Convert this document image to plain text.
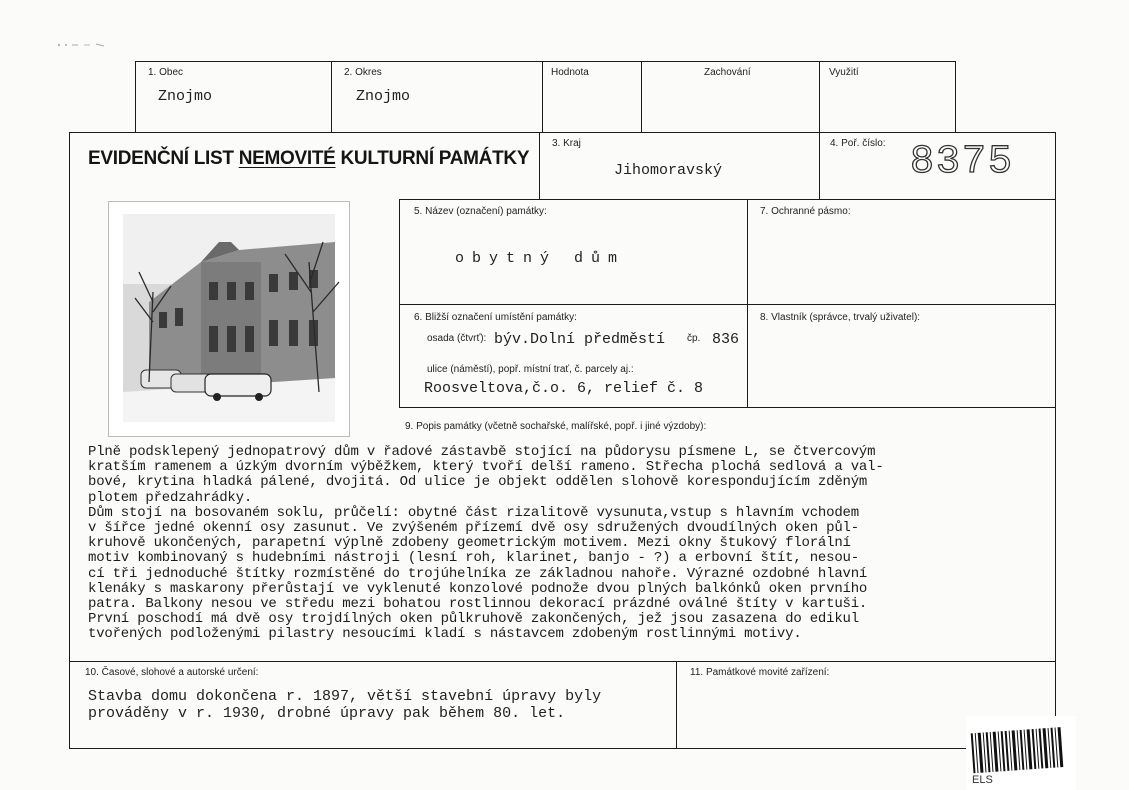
1. Obec
Znojmo
2. Okres
Znojmo
Hodnota	Zachování	Využití
EVIDENČNÍ LIST NEMOVITÉ KULTURNÍ PAMÁTKY
3. Kraj
Jihomoravský
4. Poř. číslo: 8375
5. Název (označení) památky:
obytný dům
7. Ochranné pásmo:
6. Bližší označení umístění památky:
osada (čtvrť): býv.Dolní předměstí čp. 836
ulice (náměstí), popř. místní trať, č. parcely aj.:
Roosveltova,č.o. 6, relief č. 8
8. Vlastník (správce, trvalý uživatel):
9. Popis památky (včetně sochařské, malířské, popř. i jiné výzdoby):
Plně podsklepený jednopatrový dům v řadové zástavbě stojící na půdorysu písmene L, se čtvercovým
kratším ramenem a úzkým dvorním výběžkem, který tvoří delší rameno. Střecha plochá sedlová a val-
bové, krytina hladká pálené, dvojitá. Od ulice je objekt oddělen slohově korespondujícím zděným
plotem předzahrádky.
Dům stojí na bosovaném soklu, průčelí: obytné část rizalitově vysunuta,vstup s hlavním vchodem
v šířce jedné okenní osy zasunut. Ve zvýšeném přízemí dvě osy sdružených dvoudílných oken půl-
kruhově ukončených, parapetní výplně zdobeny geometrickým motivem. Mezi okny štukový florální
motiv kombinovaný s hudebními nástroji (lesní roh, klarinet, banjo - ?) a erbovní štít, nesou-
cí tři jednoduché štítky rozmístěné do trojúhelníka ze základnou nahoře. Výrazné ozdobné hlavní
klenáky s maskarony přerůstají ve vyklenuté konzolové podnože dvou plných balkónků oken prvního
patra. Balkony nesou ve středu mezi bohatou rostlinnou dekorací prázdné oválné štíty v kartuši.
První poschodí má dvě osy trojdílných oken půlkruhově zakončených, jež jsou zasazena do edikul
tvořených podloženými pilastry nesoucími kladí s nástavcem zdobeným rostlinnými motivy.
10. Časové, slohové a autorské určení:
Stavba domu dokončena r. 1897, větší stavební úpravy byly
prováděny v r. 1930, drobné úpravy pak během 80. let.
11. Památkové movité zařízení:
ELS
